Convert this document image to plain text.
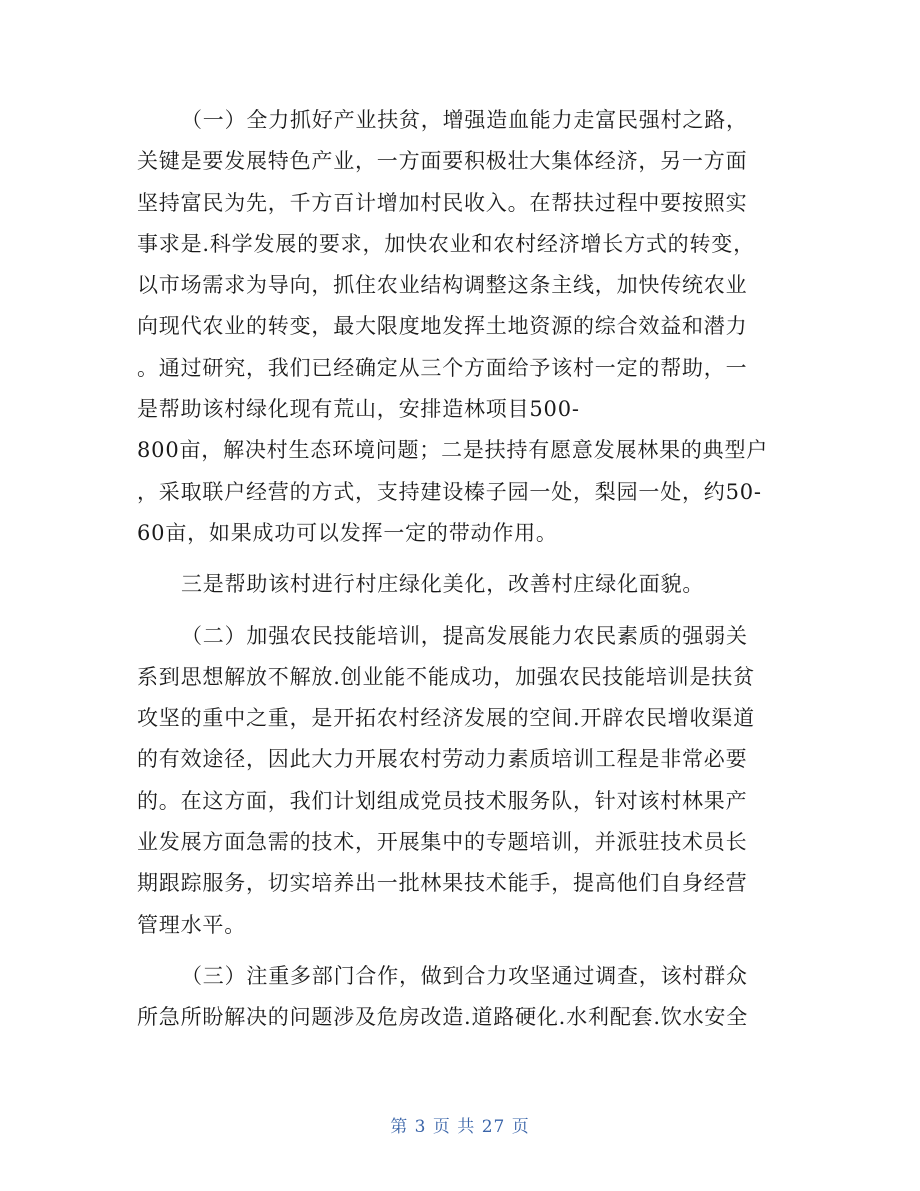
（一）全力抓好产业扶贫，增强造血能力走富民强村之路，
关键是要发展特色产业，一方面要积极壮大集体经济，另一方面
坚持富民为先，千方百计增加村民收入。在帮扶过程中要按照实
事求是.科学发展的要求，加快农业和农村经济增长方式的转变，
以市场需求为导向，抓住农业结构调整这条主线，加快传统农业
向现代农业的转变，最大限度地发挥土地资源的综合效益和潜力
。通过研究，我们已经确定从三个方面给予该村一定的帮助，一
是帮助该村绿化现有荒山，安排造林项目500-
800亩，解决村生态环境问题；二是扶持有愿意发展林果的典型户
，采取联户经营的方式，支持建设榛子园一处，梨园一处，约50-
60亩，如果成功可以发挥一定的带动作用。
三是帮助该村进行村庄绿化美化，改善村庄绿化面貌。
（二）加强农民技能培训，提高发展能力农民素质的强弱关
系到思想解放不解放.创业能不能成功，加强农民技能培训是扶贫
攻坚的重中之重，是开拓农村经济发展的空间.开辟农民增收渠道
的有效途径，因此大力开展农村劳动力素质培训工程是非常必要
的。在这方面，我们计划组成党员技术服务队，针对该村林果产
业发展方面急需的技术，开展集中的专题培训，并派驻技术员长
期跟踪服务，切实培养出一批林果技术能手，提高他们自身经营
管理水平。
（三）注重多部门合作，做到合力攻坚通过调查，该村群众
所急所盼解决的问题涉及危房改造.道路硬化.水利配套.饮水安全
第 3 页 共 27 页
